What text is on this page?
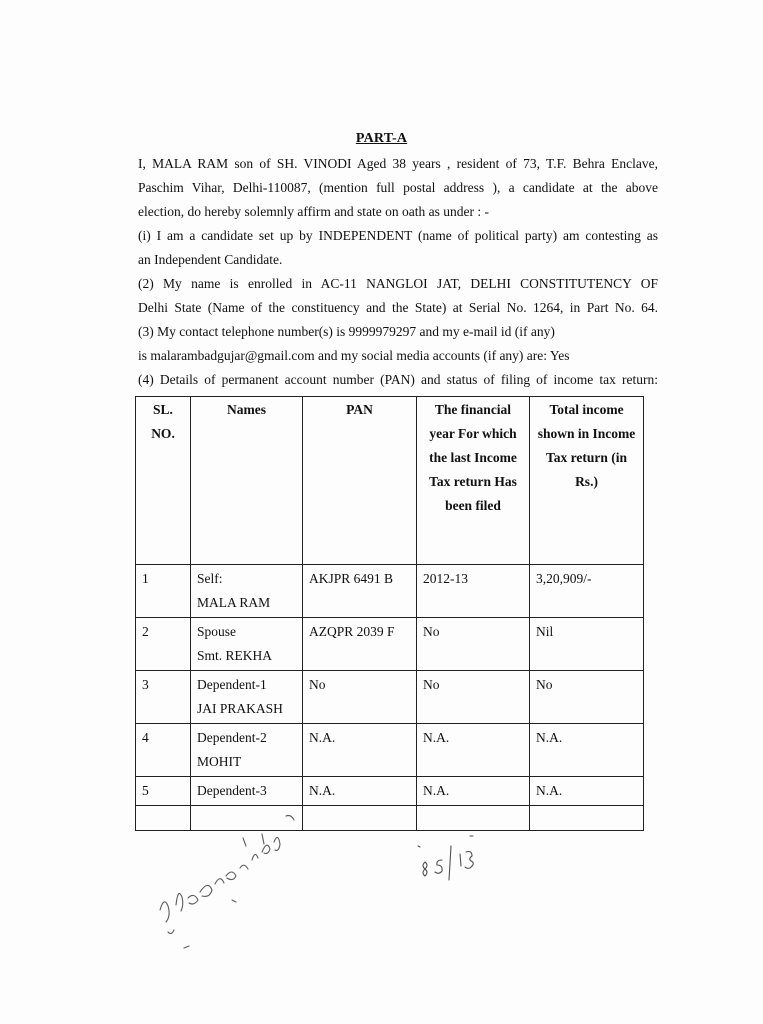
PART-A
I, MALA RAM son of SH. VINODI Aged 38 years , resident of 73, T.F. Behra Enclave,
Paschim Vihar, Delhi-110087, (mention full postal address ), a candidate at the above
election, do hereby solemnly affirm and state on oath as under : -
(i) I am a candidate set up by INDEPENDENT (name of political party) am contesting as
an Independent Candidate.
(2) My name is enrolled in AC-11 NANGLOI JAT, DELHI CONSTITUTENCY OF
Delhi State (Name of the constituency and the State) at Serial No. 1264, in Part No. 64.
(3) My contact telephone number(s) is 9999979297 and my e-mail id (if any)
is malarambadgujar@gmail.com and my social media accounts (if any) are: Yes
(4) Details of permanent account number (PAN) and status of filing of income tax return:
SL. NO.	Names	PAN	The financial year For which the last Income Tax return Has been filed	Total income shown in Income Tax return (in Rs.)
1	Self:
MALA RAM	AKJPR 6491 B	2012-13	3,20,909/-
2	Spouse
Smt. REKHA	AZQPR 2039 F	No	Nil
3	Dependent-1
JAI PRAKASH	No	No	No
4	Dependent-2
MOHIT	N.A.	N.A.	N.A.
5	Dependent-3	N.A.	N.A.	N.A.
